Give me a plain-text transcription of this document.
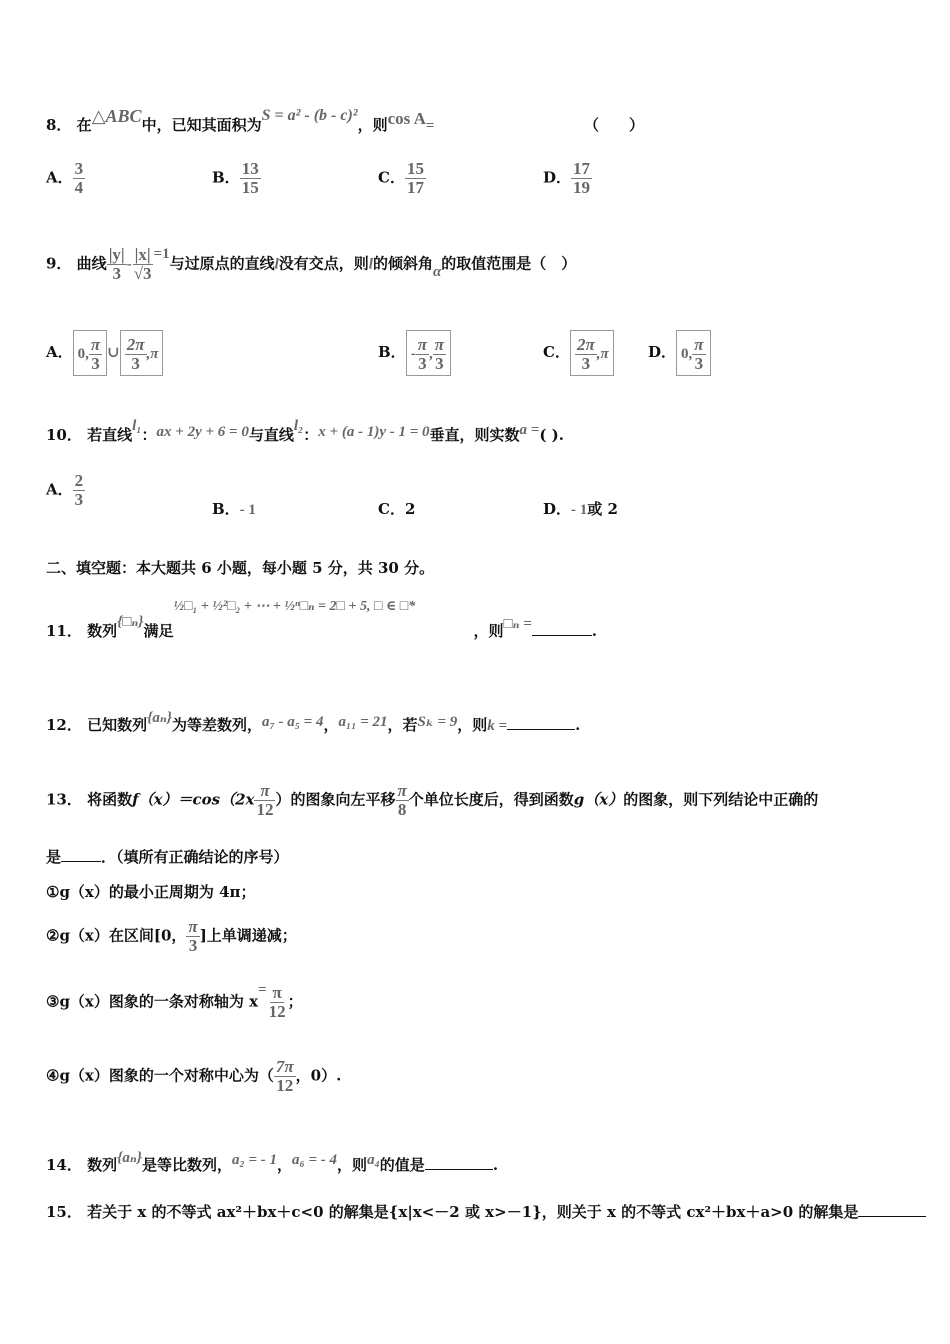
8． 在△ABC中，已知其面积为S = a² - (b - c)²，则cos A=	（　　）
A． $\frac{3}{4}$	B． $\frac{13}{15}$	C． $\frac{15}{17}$	D． $\frac{17}{19}$
9． 曲线 $\frac{|y|}{3} - \frac{|x|}{√3} =1$与过原点的直线l没有交点，则l的倾斜角α的取值范围是（　）
A． 0, $\frac{\pi}{3}$ ∪ $\frac{2\pi}{3} ,\pi$	B． - $\frac{\pi}{3}$ , $\frac{\pi}{3}$	C． $\frac{2\pi}{3} ,\pi$	D． 0, $\frac{\pi}{3}$
10． 若直线l₁：ax + 2y + 6 = 0与直线l₂：x + (a - 1)y - 1 = 0垂直，则实数a =( ).
A． $\frac{2}{3}$
B．- 1	C．2	D．- 1或 2
二、填空题：本大题共 6 小题，每小题 5 分，共 30 分。
11． 数列{□ₙ}满足½□₁ + ½²□₂ + ⋯ + ½ⁿ□ₙ = 2□ + 5, □ ∈ □*，则□ₙ =	.
12． 已知数列{aₙ}为等差数列，a₇ - a₅ = 4，a₁₁ = 21，若Sₖ = 9，则k =	.
13． 将函数$f(x)=\cos(2x \frac{\pi}{12}$ ）的图象向左平移 $\frac{\pi}{8}$ 个单位长度后，得到函数g（x）的图象，则下列结论中正确的
是	．（填所有正确结论的序号）
①g（x）的最小正周期为 4π；
②g（x）在区间[0， $\frac{\pi}{3}$ ]上单调递减；
③g（x）图象的一条对称轴为 $x= \frac{\pi}{12}$ ；
④g（x）图象的一个对称中心为（ $\frac{7\pi}{12}$ ，0）.
14． 数列{aₙ}是等比数列，a₂ = - 1，a₆ = - 4，则a₄的值是	.
15． 若关于 x 的不等式 ax²＋bx＋c<0 的解集是{x|x<－2 或 x>－1}，则关于 x 的不等式 cx²＋bx＋a>0 的解集是
